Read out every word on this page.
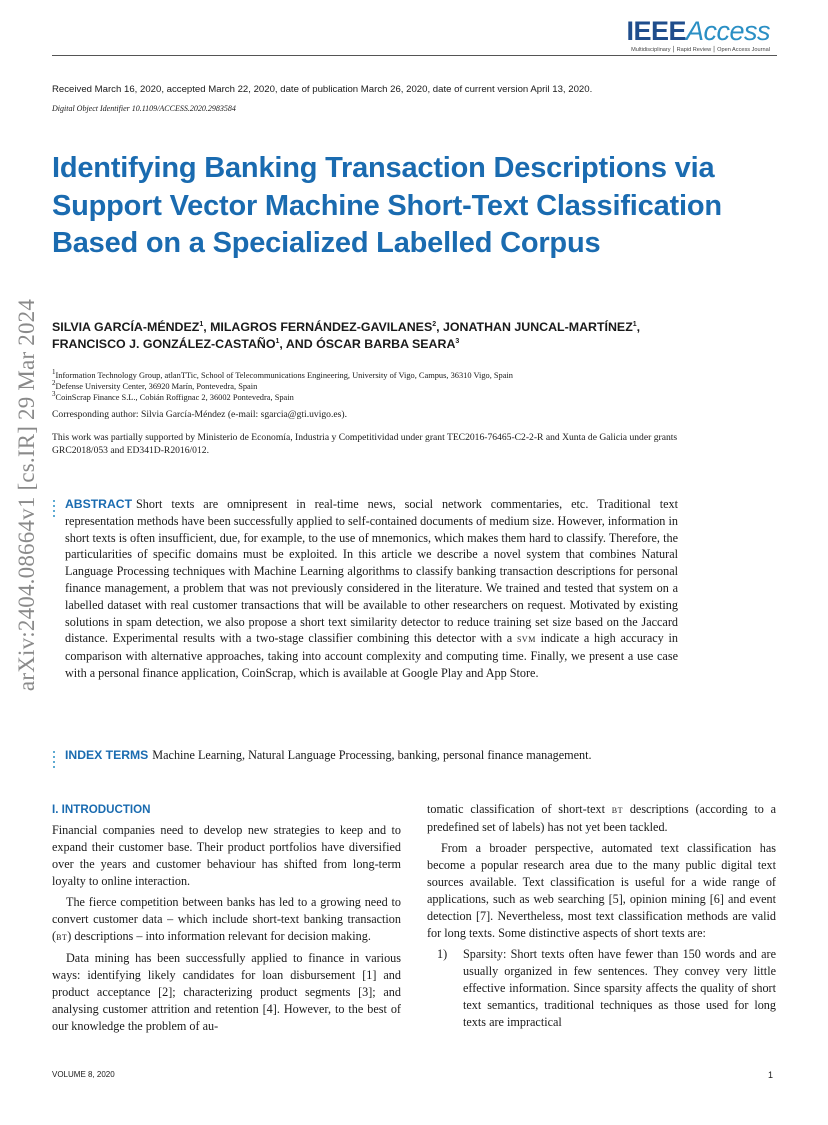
IEEEAccess
Multidisciplinary ⎮ Rapid Review ⎮ Open Access Journal
Received March 16, 2020, accepted March 22, 2020, date of publication March 26, 2020, date of current version April 13, 2020.
Digital Object Identifier 10.1109/ACCESS.2020.2983584
Identifying Banking Transaction Descriptions via Support Vector Machine Short-Text Classification Based on a Specialized Labelled Corpus
SILVIA GARCÍA-MÉNDEZ$^1$, MILAGROS FERNÁNDEZ-GAVILANES$^2$, JONATHAN JUNCAL-MARTÍNEZ$^1$, FRANCISCO J. GONZÁLEZ-CASTAÑO$^1$, AND ÓSCAR BARBA SEARA$^3$
$^1$Information Technology Group, atlanTTic, School of Telecommunications Engineering, University of Vigo, Campus, 36310 Vigo, Spain
$^2$Defense University Center, 36920 Marín, Pontevedra, Spain
$^3$CoinScrap Finance S.L., Cobián Roffignac 2, 36002 Pontevedra, Spain
Corresponding author: Silvia García-Méndez (e-mail: sgarcia@gti.uvigo.es).
This work was partially supported by Ministerio de Economía, Industria y Competitividad under grant TEC2016-76465-C2-2-R and Xunta de Galicia under grants GRC2018/053 and ED341D-R2016/012.
arXiv:2404.08664v1 [cs.IR] 29 Mar 2024 ABSTRACT Short texts are omnipresent in real-time news, social network commentaries, etc. Traditional text representation methods have been successfully applied to self-contained documents of medium size. However, information in short texts is often insufficient, due, for example, to the use of mnemonics, which makes them hard to classify. Therefore, the particularities of specific domains must be exploited. In this article we describe a novel system that combines Natural Language Processing techniques with Machine Learning algorithms to classify banking transaction descriptions for personal finance management, a problem that was not previously considered in the literature. We trained and tested that system on a labelled dataset with real customer transactions that will be available to other researchers on request. Motivated by existing solutions in spam detection, we also propose a short text similarity detector to reduce training set size based on the Jaccard distance. Experimental results with a two-stage classifier combining this detector with a svm indicate a high accuracy in comparison with alternative approaches, taking into account complexity and computing time. Finally, we present a use case with a personal finance application, CoinScrap, which is available at Google Play and App Store.

INDEX TERMS Machine Learning, Natural Language Processing, banking, personal finance management.

I. INTRODUCTION

Financial companies need to develop new strategies to keep and to expand their customer base. Their product portfolios have diversified over the years and customer behaviour has shifted from long-term loyalty to online interaction.

The fierce competition between banks has led to a growing need to convert customer data – which include short-text banking transaction (bt) descriptions – into information relevant for decision making.

Data mining has been successfully applied to finance in various ways: identifying likely candidates for loan disbursement [1] and product acceptance [2]; characterizing product segments [3]; and analysing customer attrition and retention [4]. However, to the best of our knowledge the problem of au-

tomatic classification of short-text bt descriptions (according to a predefined set of labels) has not yet been tackled.

From a broader perspective, automated text classification has become a popular research area due to the many public digital text sources available. Text classification is useful for a wide range of applications, such as web searching [5], opinion mining [6] and event detection [7]. Nevertheless, most text classification methods are valid for long texts. Some distinctive aspects of short texts are:

1)	Sparsity: Short texts often have fewer than 150 words and are usually organized in few sentences. They convey very little effective information. Since sparsity affects the quality of short text semantics, traditional techniques as those used for long texts are impractical
VOLUME 8, 2020	1
